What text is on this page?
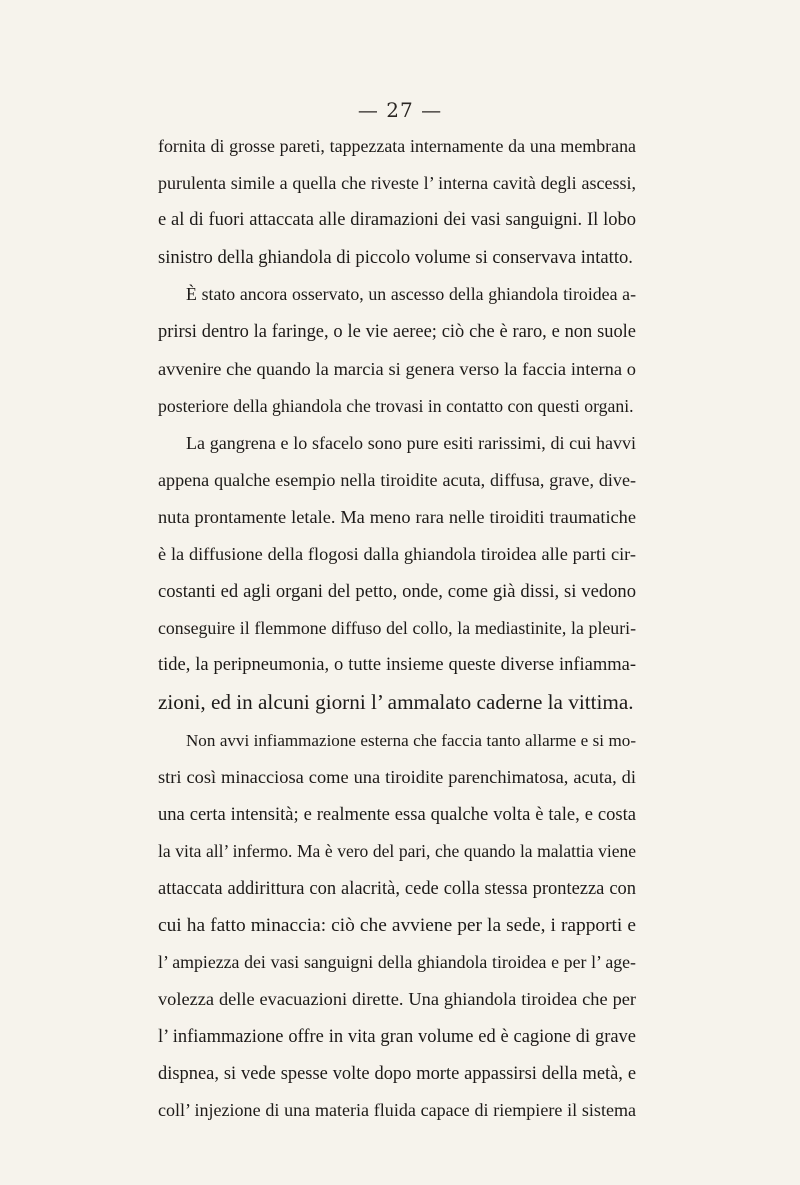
— 27 —
fornita di grosse pareti, tappezzata internamente da una membrana
purulenta simile a quella che riveste l’ interna cavità degli ascessi,
e al di fuori attaccata alle diramazioni dei vasi sanguigni. Il lobo
sinistro della ghiandola di piccolo volume si conservava intatto.
È stato ancora osservato, un ascesso della ghiandola tiroidea a-
prirsi dentro la faringe, o le vie aeree; ciò che è raro, e non suole
avvenire che quando la marcia si genera verso la faccia interna o
posteriore della ghiandola che trovasi in contatto con questi organi.
La gangrena e lo sfacelo sono pure esiti rarissimi, di cui havvi
appena qualche esempio nella tiroidite acuta, diffusa, grave, dive-
nuta prontamente letale. Ma meno rara nelle tiroiditi traumatiche
è la diffusione della flogosi dalla ghiandola tiroidea alle parti cir-
costanti ed agli organi del petto, onde, come già dissi, si vedono
conseguire il flemmone diffuso del collo, la mediastinite, la pleuri-
tide, la peripneumonia, o tutte insieme queste diverse infiamma-
zioni, ed in alcuni giorni l’ ammalato caderne la vittima.
Non avvi infiammazione esterna che faccia tanto allarme e si mo-
stri così minacciosa come una tiroidite parenchimatosa, acuta, di
una certa intensità; e realmente essa qualche volta è tale, e costa
la vita all’ infermo. Ma è vero del pari, che quando la malattia viene
attaccata addirittura con alacrità, cede colla stessa prontezza con
cui ha fatto minaccia: ciò che avviene per la sede, i rapporti e
l’ ampiezza dei vasi sanguigni della ghiandola tiroidea e per l’ age-
volezza delle evacuazioni dirette. Una ghiandola tiroidea che per
l’ infiammazione offre in vita gran volume ed è cagione di grave
dispnea, si vede spesse volte dopo morte appassirsi della metà, e
coll’ injezione di una materia fluida capace di riempiere il sistema
